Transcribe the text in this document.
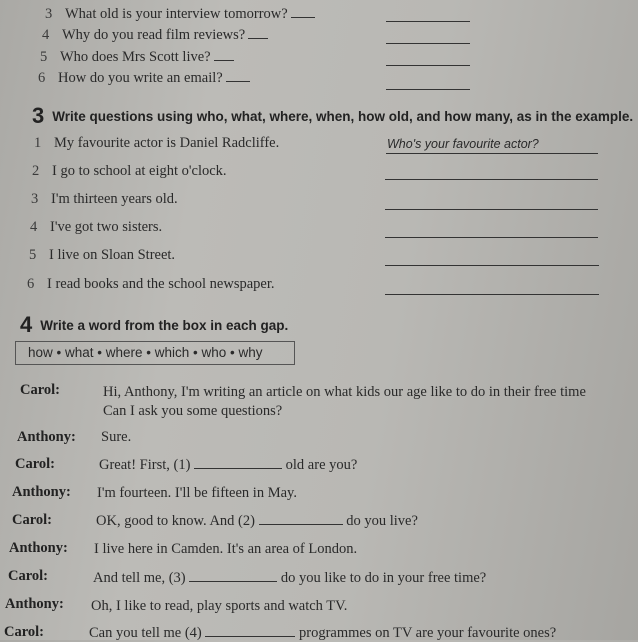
3 What old is your interview tomorrow?
4 Why do you read film reviews?
5 Who does Mrs Scott live?
6 How do you write an email?
3 Write questions using who, what, where, when, how old, and how many, as in the example.
1 My favourite actor is Daniel Radcliffe.	Who's your favourite actor?
2 I go to school at eight o'clock.
3 I'm thirteen years old.
4 I've got two sisters.
5 I live on Sloan Street.
6 I read books and the school newspaper.
4 Write a word from the box in each gap.
how • what • where • which • who • why
Carol:	Hi, Anthony, I'm writing an article on what kids our age like to do in their free time
Can I ask you some questions?
Anthony: Sure.
Carol:	Great! First, (1)	old are you?
Anthony: I'm fourteen. I'll be fifteen in May.
Carol:	OK, good to know. And (2)	do you live?
Anthony: I live here in Camden. It's an area of London.
Carol:	And tell me, (3)	do you like to do in your free time?
Anthony: Oh, I like to read, play sports and watch TV.
Carol:	Can you tell me (4)	programmes on TV are your favourite ones?
